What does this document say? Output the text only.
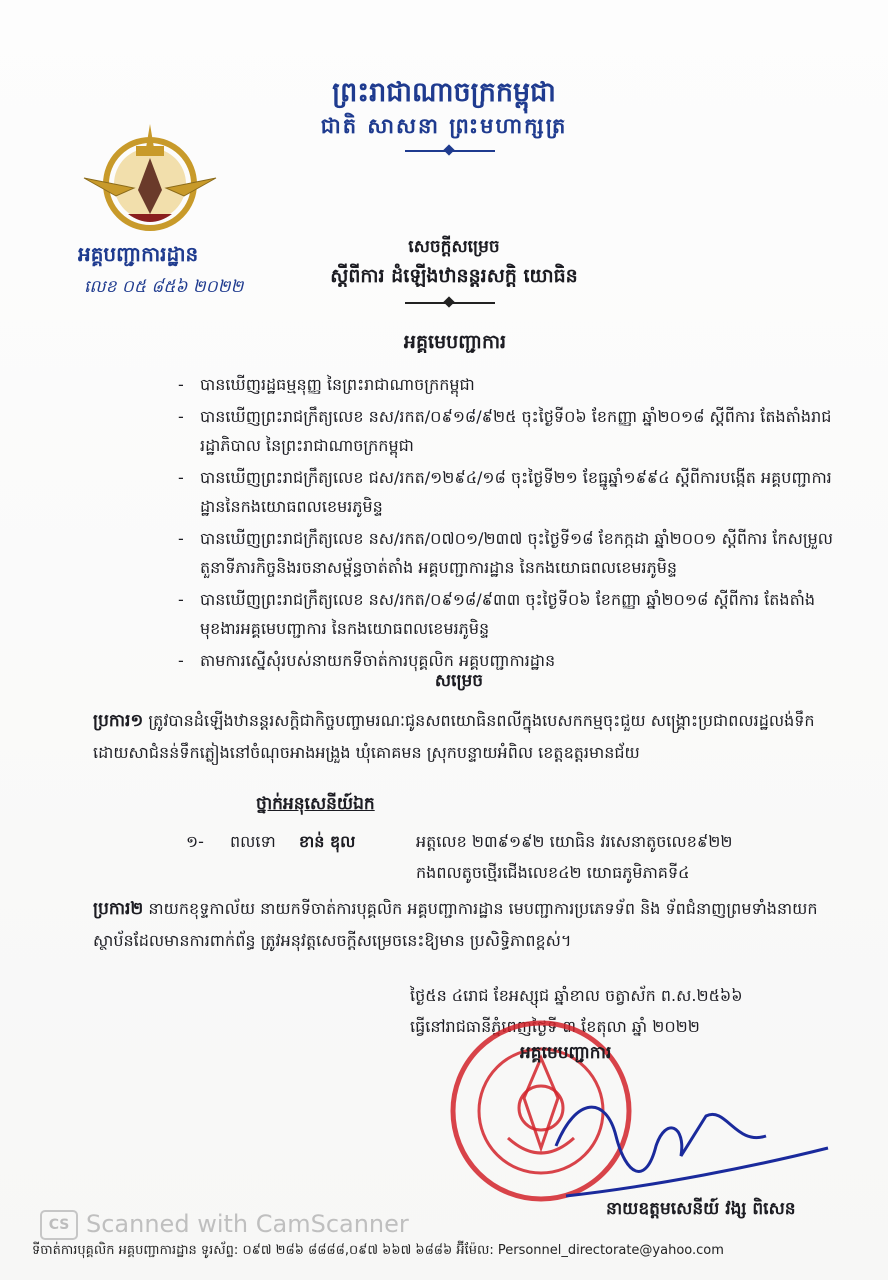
ព្រះរាជាណាចក្រកម្ពុជា
ជាតិ សាសនា ព្រះមហាក្សត្រ
អគ្គបញ្ជាការដ្ឋាន
លេខ ០៥ ៨៥៦ ២០២២
សេចក្តីសម្រេច
ស្តីពីការ ដំឡើងឋានន្តរសក្តិ យោធិន
អគ្គមេបញ្ជាការ
- បានឃើញរដ្ឋធម្មនុញ្ញ នៃព្រះរាជាណាចក្រកម្ពុជា
- បានឃើញព្រះរាជក្រឹត្យលេខ នស/រកត/០៩១៨/៩២៥ ចុះថ្ងៃទី០៦ ខែកញ្ញា ឆ្នាំ២០១៨ ស្តីពីការ តែងតាំងរាជរដ្ឋាភិបាល នៃព្រះរាជាណាចក្រកម្ពុជា
- បានឃើញព្រះរាជក្រឹត្យលេខ ជស/រកត/១២៩៤/១៨ ចុះថ្ងៃទី២១ ខែធ្នូឆ្នាំ១៩៩៤ ស្តីពីការបង្កើត អគ្គបញ្ជាការដ្ឋាននៃកងយោធពលខេមរភូមិន្ទ
- បានឃើញព្រះរាជក្រឹត្យលេខ នស/រកត/០៧០១/២៣៧ ចុះថ្ងៃទី១៨ ខែកក្កដា ឆ្នាំ២០០១ ស្តីពីការ កែសម្រួលតួនាទីភារកិច្ចនិងរចនាសម្ព័ន្ធចាត់តាំង អគ្គបញ្ជាការដ្ឋាន នៃកងយោធពលខេមរភូមិន្ទ
- បានឃើញព្រះរាជក្រឹត្យលេខ នស/រកត/០៩១៨/៩៣៣ ចុះថ្ងៃទី០៦ ខែកញ្ញា ឆ្នាំ២០១៨ ស្តីពីការ តែងតាំងមុខងារអគ្គមេបញ្ជាការ នៃកងយោធពលខេមរភូមិន្ទ
- តាមការស្នើសុំរបស់នាយកទីចាត់ការបុគ្គលិក អគ្គបញ្ជាការដ្ឋាន
សម្រេច
ប្រការ១ ត្រូវបានដំឡើងឋានន្តរសក្តិជាកិច្ចបញ្ចាមរណៈជូនសពយោធិនពលីក្នុងបេសកកម្មចុះជួយ សង្គ្រោះប្រជាពលរដ្ឋលង់ទឹកដោយសាជំនន់ទឹកភ្លៀងនៅចំណុចអាងអង្រួង ឃុំគោគមន ស្រុកបន្ទាយអំពិល ខេត្តឧត្តរមានជ័យ
ថ្នាក់អនុសេនីយ៍ឯក
១- ពលទោ ខាន់ ឌុល	អត្តលេខ ២៣៩១៩២ យោធិន វរសេនាតូចលេខ៩២២
កងពលតូចថ្មើរជើងលេខ៤២ យោធភូមិភាគទី៤
ប្រការ២ នាយកខុទ្ទកាល័យ នាយកទីចាត់ការបុគ្គលិក អគ្គបញ្ជាការដ្ឋាន មេបញ្ជាការប្រភេទទ័ព និង ទ័ពជំនាញព្រមទាំងនាយកស្ថាប័នដែលមានការពាក់ព័ន្ធ ត្រូវអនុវត្តសេចក្តីសម្រេចនេះឱ្យមាន ប្រសិទ្ធិភាពខ្ពស់។
ថ្ងៃ៥ន ៤រោជ ខែអស្សុជ ឆ្នាំខាល ចត្វាស័ក ព.ស.២៥៦៦
ធ្វើនៅរាជធានីភ្នំពេញថ្ងៃទី ៣ ខែតុលា ឆ្នាំ ២០២២
អគ្គមេបញ្ជាការ
នាយឧត្តមសេនីយ៍ វង្ស ពិសេន
CS Scanned with CamScanner
ទីចាត់ការបុគ្គលិក អគ្គបញ្ជាការដ្ឋាន ទូរស័ព្ទ: ០៩៧ ២៨៦ ៨៨៨៨,០៩៧ ៦៦៧ ៦៨៨៦ អ៊ីម៉ែល: Personnel_directorate@yahoo.com
